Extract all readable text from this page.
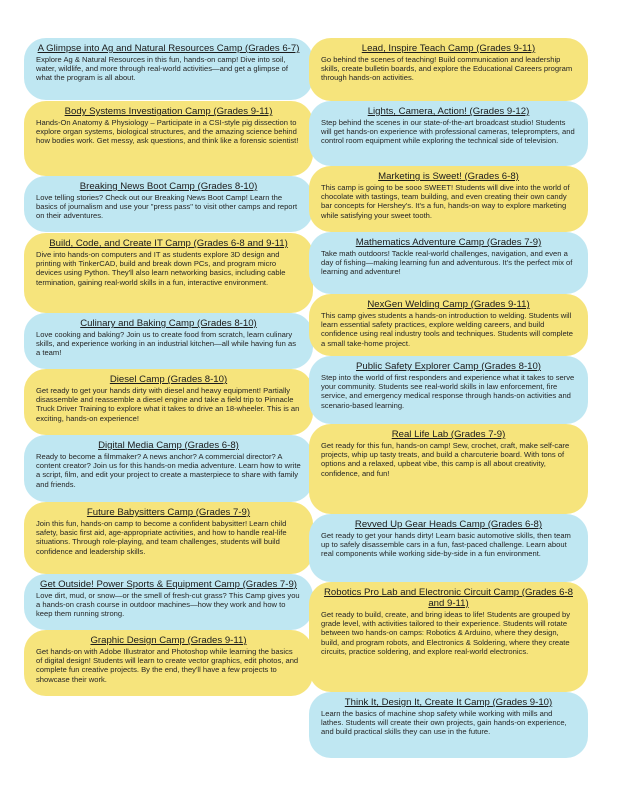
A Glimpse into Ag and Natural Resources Camp (Grades 6-7)

Explore Ag & Natural Resources in this fun, hands-on camp! Dive into soil, water, wildlife, and more through real-world activities—and get a glimpse of what the program is all about.

Body Systems Investigation Camp (Grades 9-11)

Hands-On Anatomy & Physiology – Participate in a CSI-style pig dissection to explore organ systems, biological structures, and the amazing science behind how bodies work. Get messy, ask questions, and think like a forensic scientist!

Breaking News Boot Camp (Grades 8-10)

Love telling stories? Check out our Breaking News Boot Camp! Learn the basics of journalism and use your "press pass" to visit other camps and report on their adventures.

Build, Code, and Create IT Camp (Grades 6-8 and 9-11)

Dive into hands-on computers and IT as students explore 3D design and printing with TinkerCAD, build and break down PCs, and program micro devices using Python. They'll also learn networking basics, including cable termination, gaining real-world skills in a fun, interactive environment.

Culinary and Baking Camp (Grades 8-10)

Love cooking and baking? Join us to create food from scratch, learn culinary skills, and experience working in an industrial kitchen—all while having fun as a team!

Diesel Camp (Grades 8-10)

Get ready to get your hands dirty with diesel and heavy equipment! Partially disassemble and reassemble a diesel engine and take a field trip to Pinnacle Truck Driver Training to explore what it takes to drive an 18-wheeler. This is an exciting, hands-on experience!

Digital Media Camp (Grades 6-8)

Ready to become a filmmaker? A news anchor? A commercial director? A content creator? Join us for this hands-on media adventure. Learn how to write a script, film, and edit your project to create a masterpiece to share with family and friends.

Future Babysitters Camp (Grades 7-9)

Join this fun, hands-on camp to become a confident babysitter! Learn child safety, basic first aid, age-appropriate activities, and how to handle real-life situations. Through role-playing, and team challenges, students will build confidence and leadership skills.

Get Outside! Power Sports & Equipment Camp (Grades 7-9)

Love dirt, mud, or snow—or the smell of fresh-cut grass? This Camp gives you a hands-on crash course in outdoor machines—how they work and how to keep them running strong.

Graphic Design Camp (Grades 9-11)

Get hands-on with Adobe Illustrator and Photoshop while learning the basics of digital design! Students will learn to create vector graphics, edit photos, and complete fun creative projects. By the end, they'll have a few projects to showcase their work.

Lead, Inspire Teach Camp (Grades 9-11)

Go behind the scenes of teaching! Build communication and leadership skills, create bulletin boards, and explore the Educational Careers program through hands-on activities.

Lights, Camera, Action! (Grades 9-12)

Step behind the scenes in our state-of-the-art broadcast studio! Students will get hands-on experience with professional cameras, teleprompters, and control room equipment while exploring the technical side of television.

Marketing is Sweet! (Grades 6-8)

This camp is going to be sooo SWEET! Students will dive into the world of chocolate with tastings, team building, and even creating their own candy bar concepts for Hershey's. It's a fun, hands-on way to explore marketing while satisfying your sweet tooth.

Mathematics Adventure Camp (Grades 7-9)

Take math outdoors! Tackle real-world challenges, navigation, and even a day of fishing—making learning fun and adventurous. It's the perfect mix of learning and adventure!

NexGen Welding Camp (Grades 9-11)

This camp gives students a hands-on introduction to welding. Students will learn essential safety practices, explore welding careers, and build confidence using real industry tools and techniques. Students will complete a small take-home project.

Public Safety Explorer Camp (Grades 8-10)

Step into the world of first responders and experience what it takes to serve your community. Students see real-world skills in law enforcement, fire service, and emergency medical response through hands-on activities and scenario-based learning.

Real Life Lab (Grades 7-9)

Get ready for this fun, hands-on camp! Sew, crochet, craft, make self-care projects, whip up tasty treats, and build a charcuterie board. With tons of options and a relaxed, upbeat vibe, this camp is all about creativity, confidence, and fun!

Revved Up Gear Heads Camp (Grades 6-8)

Get ready to get your hands dirty! Learn basic automotive skills, then team up to safely disassemble cars in a fun, fast-paced challenge. Learn about real components while working side-by-side in a fun environment.

Robotics Pro Lab and Electronic Circuit Camp (Grades 6-8 and 9-11)

Get ready to build, create, and bring ideas to life! Students are grouped by grade level, with activities tailored to their experience. Students will rotate between two hands-on camps: Robotics & Arduino, where they design, build, and program robots, and Electronics & Soldering, where they create circuits, practice soldering, and explore real-world electronics.

Think It, Design It, Create It Camp (Grades 9-10)

Learn the basics of machine shop safety while working with mills and lathes. Students will create their own projects, gain hands-on experience, and build practical skills they can use in the future.
